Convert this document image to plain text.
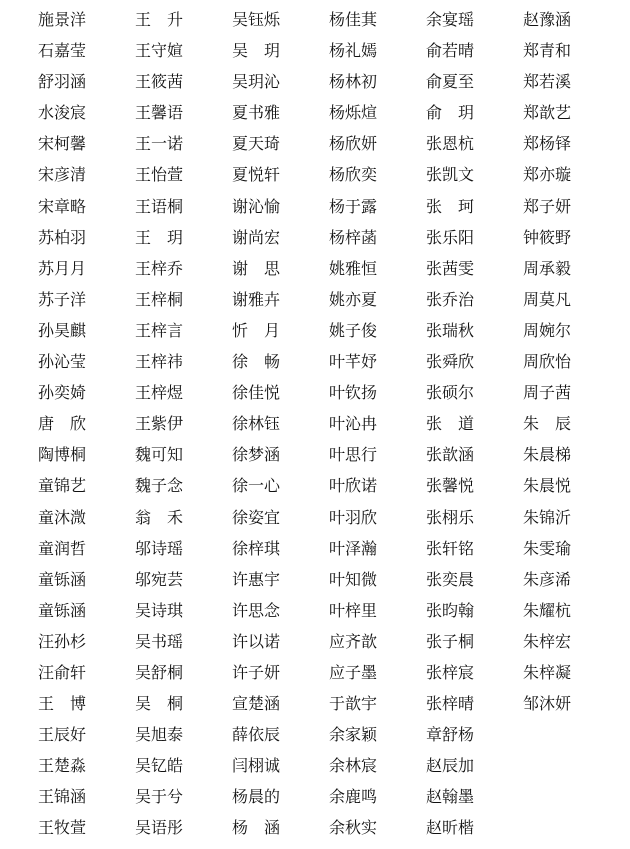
施景洋	王　升	吴钰烁	杨佳萁	余宴瑶	赵豫涵
石嘉莹	王守媗	吴　玥	杨礼嫣	俞若晴	郑青和
舒羽涵	王筱茜	吴玥沁	杨林初	俞夏至	郑若溪
水浚宸	王馨语	夏书雅	杨烁煊	俞　玥	郑歆艺
宋柯馨	王一诺	夏天琦	杨欣妍	张恩杭	郑杨铎
宋彦清	王怡萱	夏悦轩	杨欣奕	张凯文	郑亦璇
宋章略	王语桐	谢沁愉	杨于露	张　珂	郑子妍
苏柏羽	王　玥	谢尚宏	杨梓菡	张乐阳	钟筱野
苏月月	王梓乔	谢　思	姚雅恒	张茜雯	周承毅
苏子洋	王梓桐	谢雅卉	姚亦夏	张乔治	周莫凡
孙昊麒	王梓言	忻　月	姚子俊	张瑞秋	周婉尔
孙沁莹	王梓祎	徐　畅	叶芊妤	张舜欣	周欣怡
孙奕婍	王梓煜	徐佳悦	叶钦扬	张硕尔	周子茜
唐　欣	王紫伊	徐林钰	叶沁冉	张　道	朱　辰
陶博桐	魏可知	徐梦涵	叶思行	张歆涵	朱晨梯
童锦艺	魏子念	徐一心	叶欣诺	张馨悦	朱晨悦
童沐溦	翁　禾	徐姿宜	叶羽欣	张栩乐	朱锦沂
童润哲	邬诗瑶	徐梓琪	叶泽瀚	张轩铭	朱雯瑜
童铄涵	邬宛芸	许惠宇	叶知微	张奕晨	朱彦浠
童铄涵	吴诗琪	许思念	叶梓里	张昀翰	朱耀杭
汪孙杉	吴书瑶	许以诺	应齐歆	张子桐	朱梓宏
汪俞轩	吴舒桐	许子妍	应子墨	张梓宸	朱梓凝
王　博	吴　桐	宣楚涵	于歆宇	张梓晴	邹沐妍
王辰好	吴旭泰	薛依辰	余家颖	章舒杨
王楚淼	吴钇皓	闫栩诚	余林宸	赵辰加
王锦涵	吴于兮	杨晨的	余鹿鸣	赵翰墨
王牧萱	吴语彤	杨　涵	余秋实	赵昕楷
